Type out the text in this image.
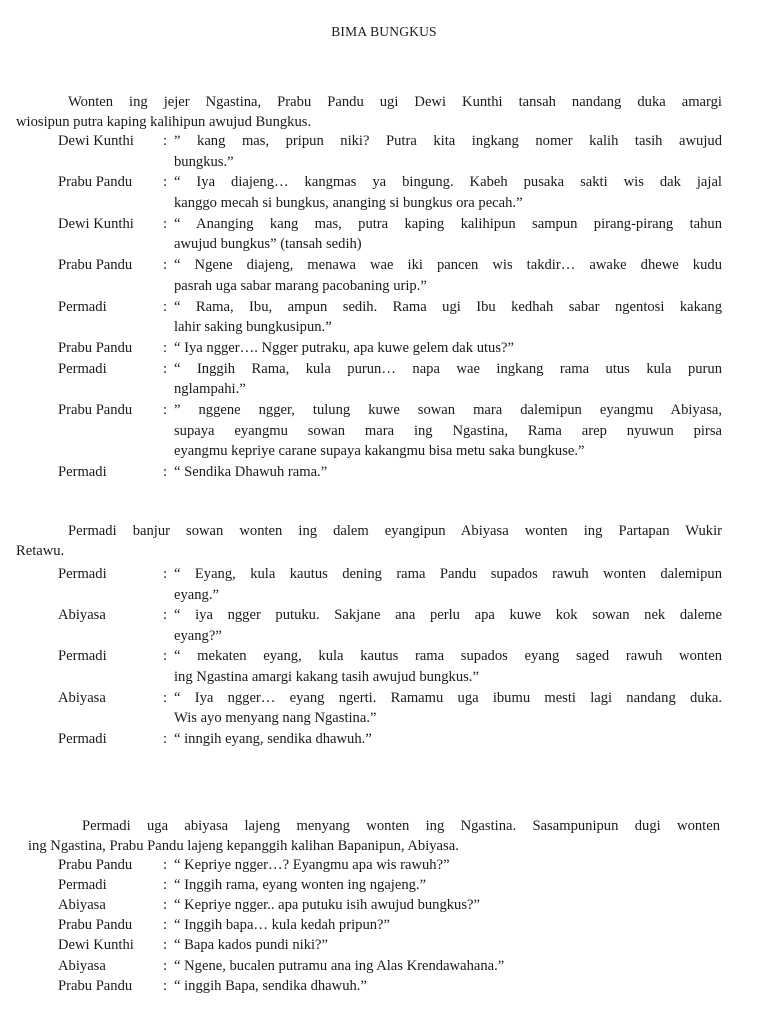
BIMA BUNGKUS
Wonten ing jejer Ngastina, Prabu Pandu ugi Dewi Kunthi tansah nandang duka amargi
wiosipun putra kaping kalihipun awujud Bungkus.
Dewi Kunthi : ” kang mas, pripun niki? Putra kita ingkang nomer kalih tasih awujud
bungkus.”
Prabu Pandu : “ Iya diajeng… kangmas ya bingung. Kabeh pusaka sakti wis dak jajal
kanggo mecah si bungkus, ananging si bungkus ora pecah.”
Dewi Kunthi : “ Ananging kang mas, putra kaping kalihipun sampun pirang-pirang tahun
awujud bungkus” (tansah sedih)
Prabu Pandu : “ Ngene diajeng, menawa wae iki pancen wis takdir… awake dhewe kudu
pasrah uga sabar marang pacobaning urip.”
Permadi	: “ Rama, Ibu, ampun sedih. Rama ugi Ibu kedhah sabar ngentosi kakang
lahir saking bungkusipun.”
Prabu Pandu : “ Iya ngger…. Ngger putraku, apa kuwe gelem dak utus?”
Permadi	: “ Inggih Rama, kula purun… napa wae ingkang rama utus kula purun
nglampahi.”
Prabu Pandu : ” nggene ngger, tulung kuwe sowan mara dalemipun eyangmu Abiyasa,
supaya eyangmu sowan mara ing Ngastina, Rama arep nyuwun pirsa
eyangmu kepriye carane supaya kakangmu bisa metu saka bungkuse.”
Permadi	: “ Sendika Dhawuh rama.”
Permadi banjur sowan wonten ing dalem eyangipun Abiyasa wonten ing Partapan Wukir
Retawu.
Permadi	: “ Eyang, kula kautus dening rama Pandu supados rawuh wonten dalemipun
eyang.”
Abiyasa	: “ iya ngger putuku. Sakjane ana perlu apa kuwe kok sowan nek daleme
eyang?”
Permadi	: “ mekaten eyang, kula kautus rama supados eyang saged rawuh wonten
ing Ngastina amargi kakang tasih awujud bungkus.”
Abiyasa	: “ Iya ngger… eyang ngerti. Ramamu uga ibumu mesti lagi nandang duka.
Wis ayo menyang nang Ngastina.”
Permadi	: “ inngih eyang, sendika dhawuh.”
Permadi uga abiyasa lajeng menyang wonten ing Ngastina. Sasampunipun dugi wonten
ing Ngastina, Prabu Pandu lajeng kepanggih kalihan Bapanipun, Abiyasa.
Prabu Pandu : “ Kepriye ngger…? Eyangmu apa wis rawuh?”
Permadi	: “ Inggih rama, eyang wonten ing ngajeng.”
Abiyasa	: “ Kepriye ngger.. apa putuku isih awujud bungkus?”
Prabu Pandu : “ Inggih bapa… kula kedah pripun?”
Dewi Kunthi : “ Bapa kados pundi niki?”
Abiyasa	: “ Ngene, bucalen putramu ana ing Alas Krendawahana.”
Prabu Pandu : “ inggih Bapa, sendika dhawuh.”
